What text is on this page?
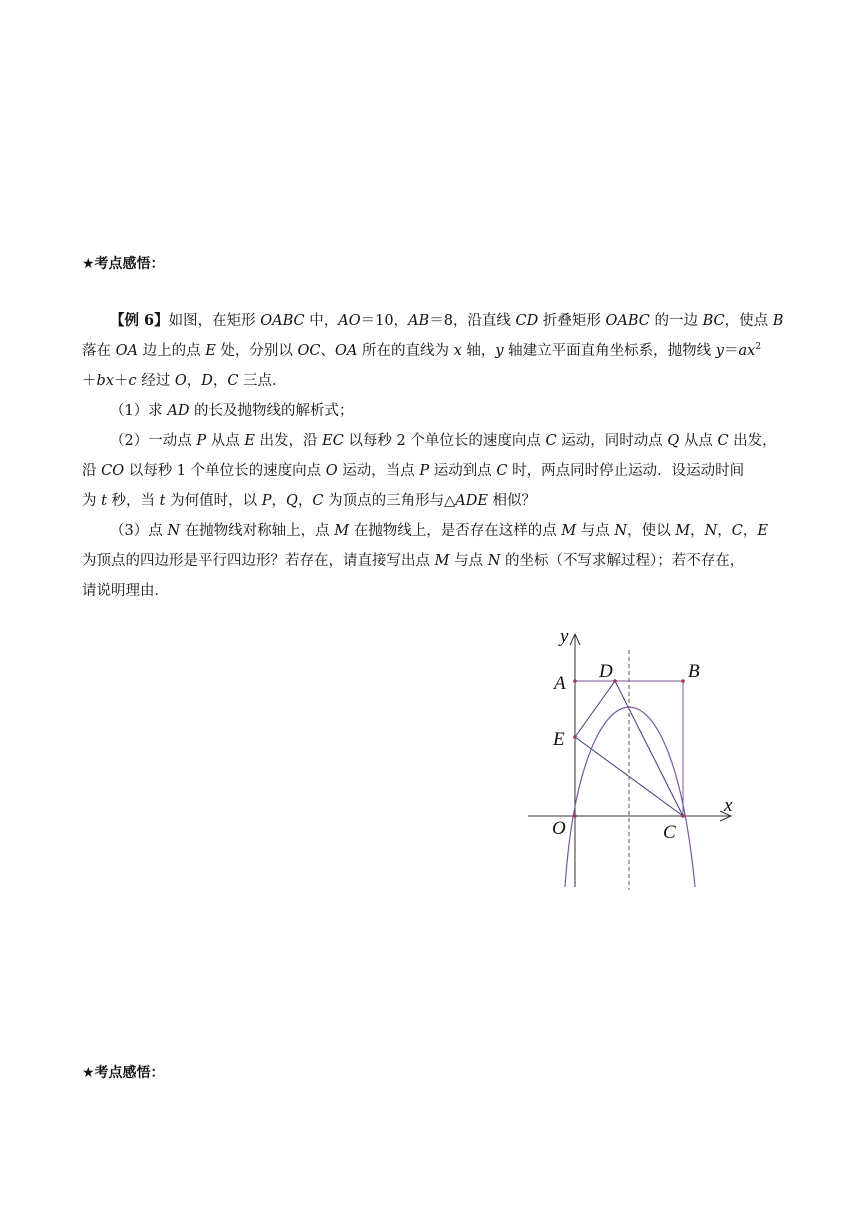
★考点感悟：
【例 6】如图，在矩形 OABC 中，AO＝10，AB＝8，沿直线 CD 折叠矩形 OABC 的一边 BC，使点 B
落在 OA 边上的点 E 处，分别以 OC、OA 所在的直线为 x 轴，y 轴建立平面直角坐标系，抛物线 $y=ax^2$
＋bx＋c 经过 O，D，C 三点．
（1）求 AD 的长及抛物线的解析式；
（2）一动点 P 从点 E 出发，沿 EC 以每秒 2 个单位长的速度向点 C 运动，同时动点 Q 从点 C 出发，
沿 CO 以每秒 1 个单位长的速度向点 O 运动，当点 P 运动到点 C 时，两点同时停止运动．设运动时间
为 t 秒，当 t 为何值时，以 P，Q，C 为顶点的三角形与△ADE 相似？
（3）点 N 在抛物线对称轴上，点 M 在抛物线上，是否存在这样的点 M 与点 N，使以 M，N，C，E
为顶点的四边形是平行四边形？若存在，请直接写出点 M 与点 N 的坐标（不写求解过程）；若不存在，
请说明理由．
y
x
A
B
D
E
O	C
★考点感悟：
